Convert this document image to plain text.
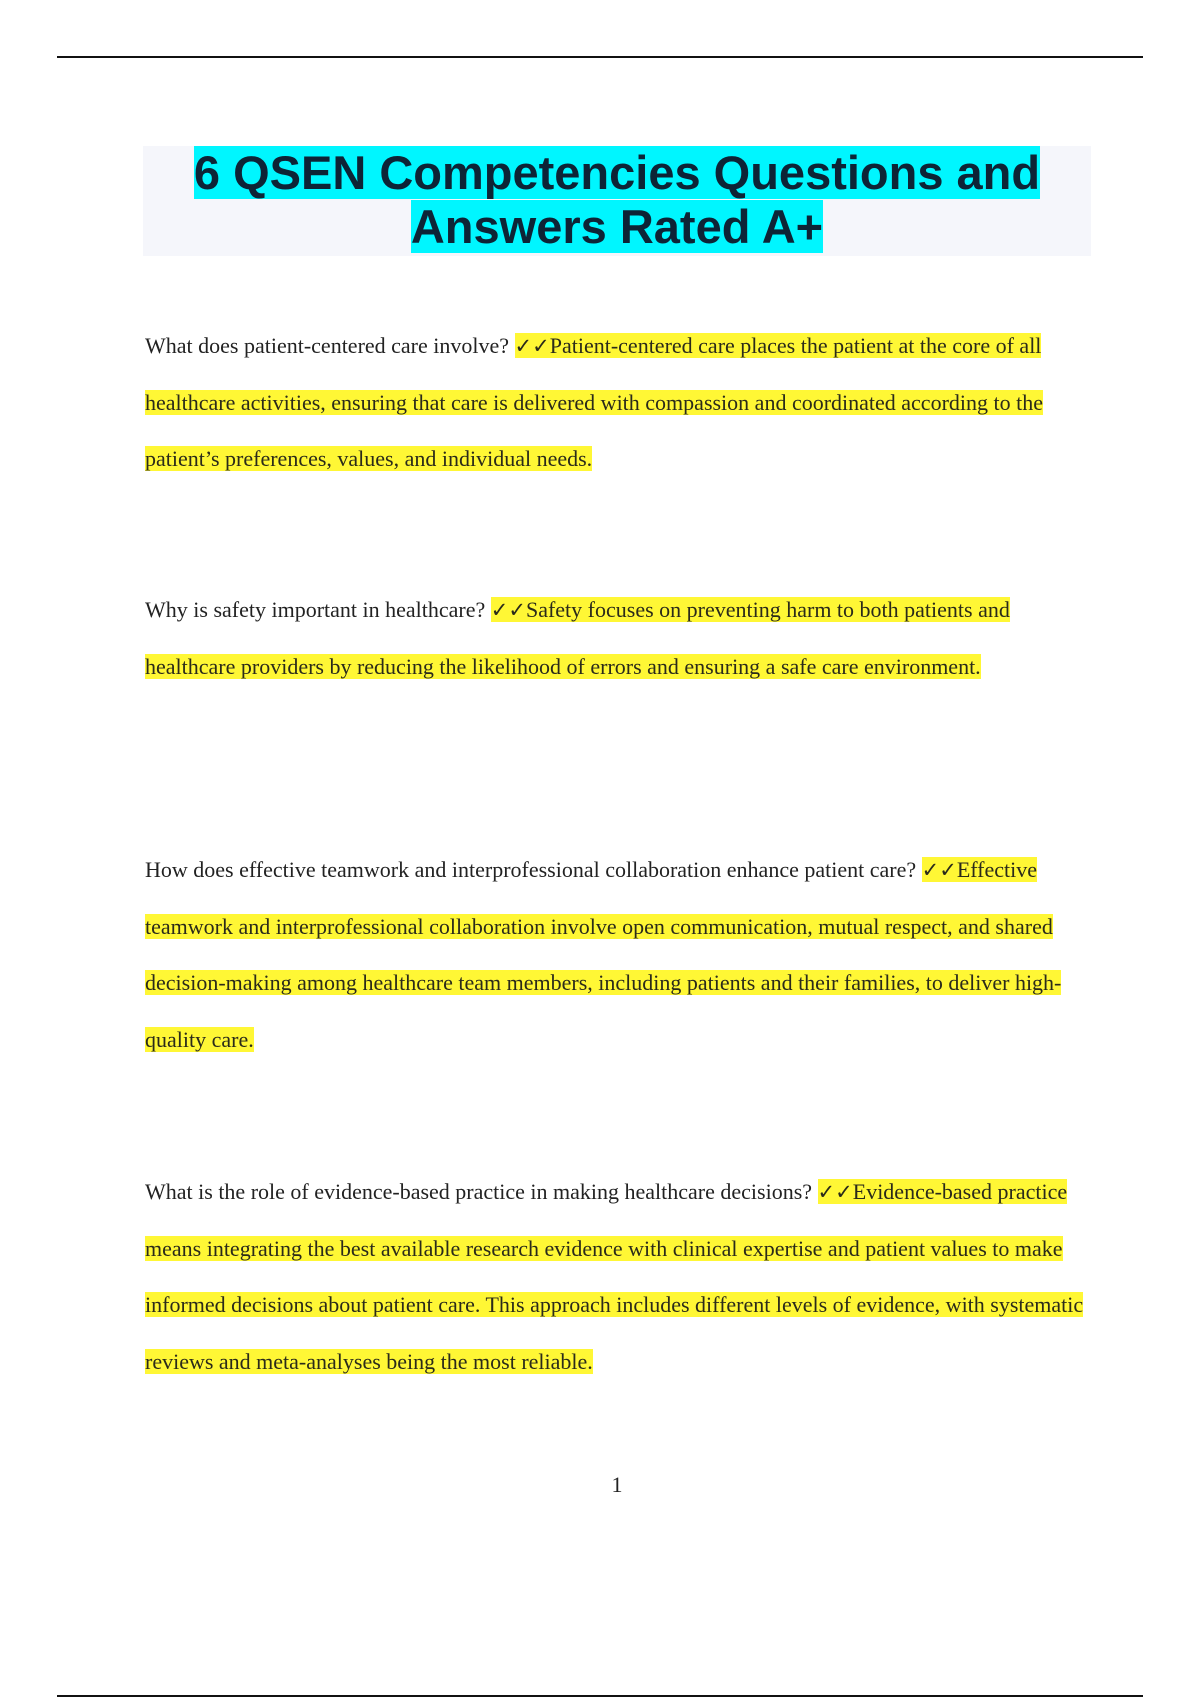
6 QSEN Competencies Questions and Answers Rated A+

What does patient-centered care involve? ✓✓Patient-centered care places the patient at the core of all healthcare activities, ensuring that care is delivered with compassion and coordinated according to the patient’s preferences, values, and individual needs.

Why is safety important in healthcare? ✓✓Safety focuses on preventing harm to both patients and healthcare providers by reducing the likelihood of errors and ensuring a safe care environment.

How does effective teamwork and interprofessional collaboration enhance patient care? ✓✓Effective teamwork and interprofessional collaboration involve open communication, mutual respect, and shared decision-making among healthcare team members, including patients and their families, to deliver high-quality care.

What is the role of evidence-based practice in making healthcare decisions? ✓✓Evidence-based practice means integrating the best available research evidence with clinical expertise and patient values to make informed decisions about patient care. This approach includes different levels of evidence, with systematic reviews and meta-analyses being the most reliable.

1
